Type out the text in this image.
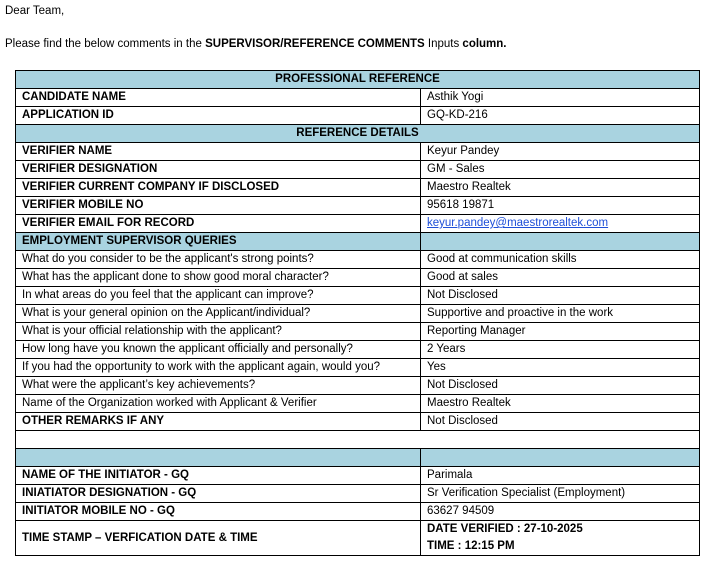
Dear Team,
Please find the below comments in the SUPERVISOR/REFERENCE COMMENTS Inputs column.
PROFESSIONAL REFERENCE	
CANDIDATE NAME	Asthik Yogi
APPLICATION ID	GQ-KD-216
REFERENCE DETAILS	
VERIFIER NAME	Keyur Pandey
VERIFIER DESIGNATION	GM - Sales
VERIFIER CURRENT COMPANY IF DISCLOSED	Maestro Realtek
VERIFIER MOBILE NO	95618 19871
VERIFIER EMAIL FOR RECORD	keyur.pandey@maestrorealtek.com
EMPLOYMENT SUPERVISOR QUERIES	
What do you consider to be the applicant's strong points?	Good at communication skills
What has the applicant done to show good moral character?	Good at sales
In what areas do you feel that the applicant can improve?	Not Disclosed
What is your general opinion on the Applicant/individual?	Supportive and proactive in the work
What is your official relationship with the applicant?	Reporting Manager
How long have you known the applicant officially and personally?	2 Years
If you had the opportunity to work with the applicant again, would you?	Yes
What were the applicant’s key achievements?	Not Disclosed
Name of the Organization worked with Applicant & Verifier	Maestro Realtek
OTHER REMARKS IF ANY	Not Disclosed

NAME OF THE INITIATOR - GQ	Parimala
INIATIATOR DESIGNATION - GQ	Sr Verification Specialist (Employment)
INITIATOR MOBILE NO - GQ	63627 94509
TIME STAMP – VERFICATION DATE & TIME	DATE VERIFIED : 27-10-2025
TIME : 12:15 PM
